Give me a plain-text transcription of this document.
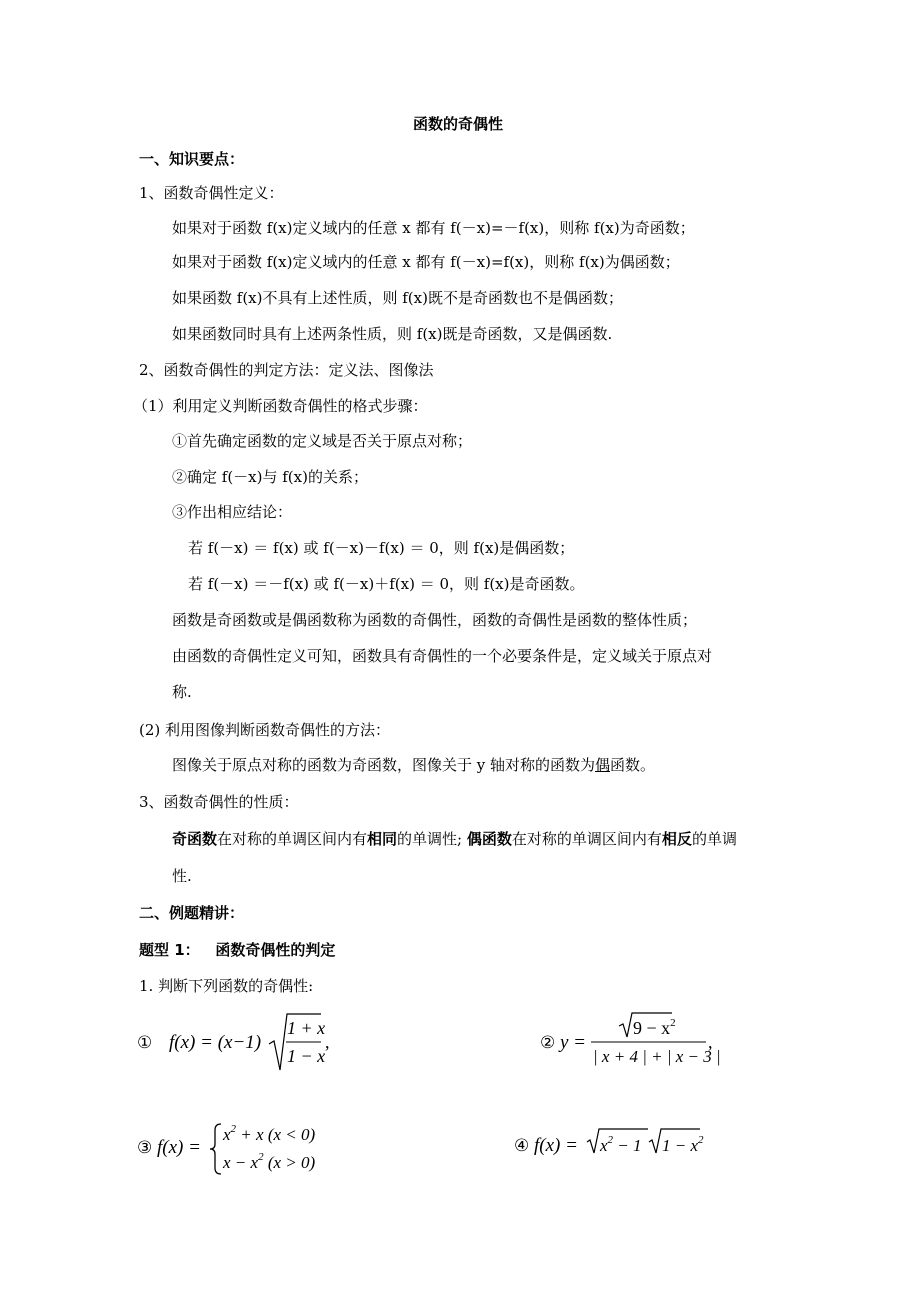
函数的奇偶性
一、知识要点：
1、函数奇偶性定义：
如果对于函数 f(x)定义域内的任意 x 都有 f(－x)=－f(x)，则称 f(x)为奇函数；
如果对于函数 f(x)定义域内的任意 x 都有 f(－x)=f(x)，则称 f(x)为偶函数；
如果函数 f(x)不具有上述性质，则 f(x)既不是奇函数也不是偶函数；
如果函数同时具有上述两条性质，则 f(x)既是奇函数，又是偶函数.
2、函数奇偶性的判定方法：定义法、图像法
（1）利用定义判断函数奇偶性的格式步骤：
①首先确定函数的定义域是否关于原点对称；
②确定 f(－x)与 f(x)的关系；
③作出相应结论：
若 f(－x) ＝ f(x) 或 f(－x)－f(x) ＝ 0，则 f(x)是偶函数；
若 f(－x) ＝－f(x) 或 f(－x)＋f(x) ＝ 0，则 f(x)是奇函数。
函数是奇函数或是偶函数称为函数的奇偶性，函数的奇偶性是函数的整体性质；
由函数的奇偶性定义可知，函数具有奇偶性的一个必要条件是，定义域关于原点对
称.
(2) 利用图像判断函数奇偶性的方法：
图像关于原点对称的函数为奇函数，图像关于 y 轴对称的函数为偶函数。
3、函数奇偶性的性质：
奇函数在对称的单调区间内有相同的单调性; 偶函数在对称的单调区间内有相反的单调
性.
二、例题精讲：
题型 1： 函数奇偶性的判定
1. 判断下列函数的奇偶性:
① f(x) = (x−1)
1 + x
1 − x
,	② y =
$9 - x^2$
| x + 4 | + | x − 3 |
,
③ f(x) =
$x^2 + x$ (x < 0)
$x - x^2$ (x > 0)
④ $f(x) = x^2 - 1$ $1 - x^2$
